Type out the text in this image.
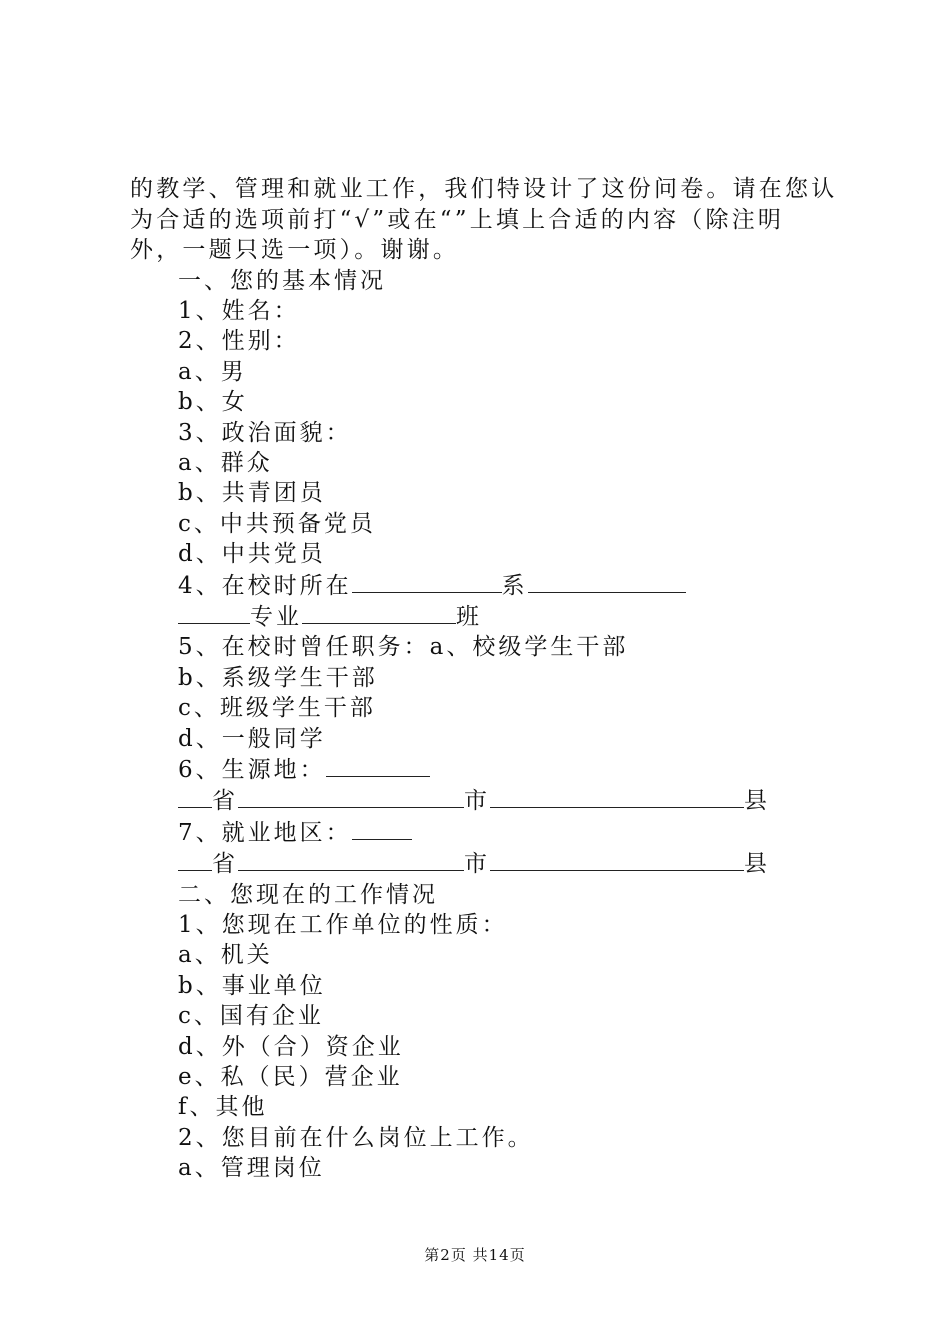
的教学、管理和就业工作，我们特设计了这份问卷。请在您认
为合适的选项前打“√”或在“”上填上合适的内容（除注明
外，一题只选一项）。谢谢。

一、您的基本情况
1、姓名：
2、性别：
a、男
b、女
3、政治面貌：
a、群众
b、共青团员
c、中共预备党员
d、中共党员
4、在校时所在	系
专业	班
5、在校时曾任职务：a、校级学生干部
b、系级学生干部
c、班级学生干部
d、一般同学
6、生源地：
省	市	县
7、就业地区：
省	市	县
二、您现在的工作情况
1、您现在工作单位的性质：
a、机关
b、事业单位
c、国有企业
d、外（合）资企业
e、私（民）营企业
f、其他
2、您目前在什么岗位上工作。
a、管理岗位
第2页 共14页
